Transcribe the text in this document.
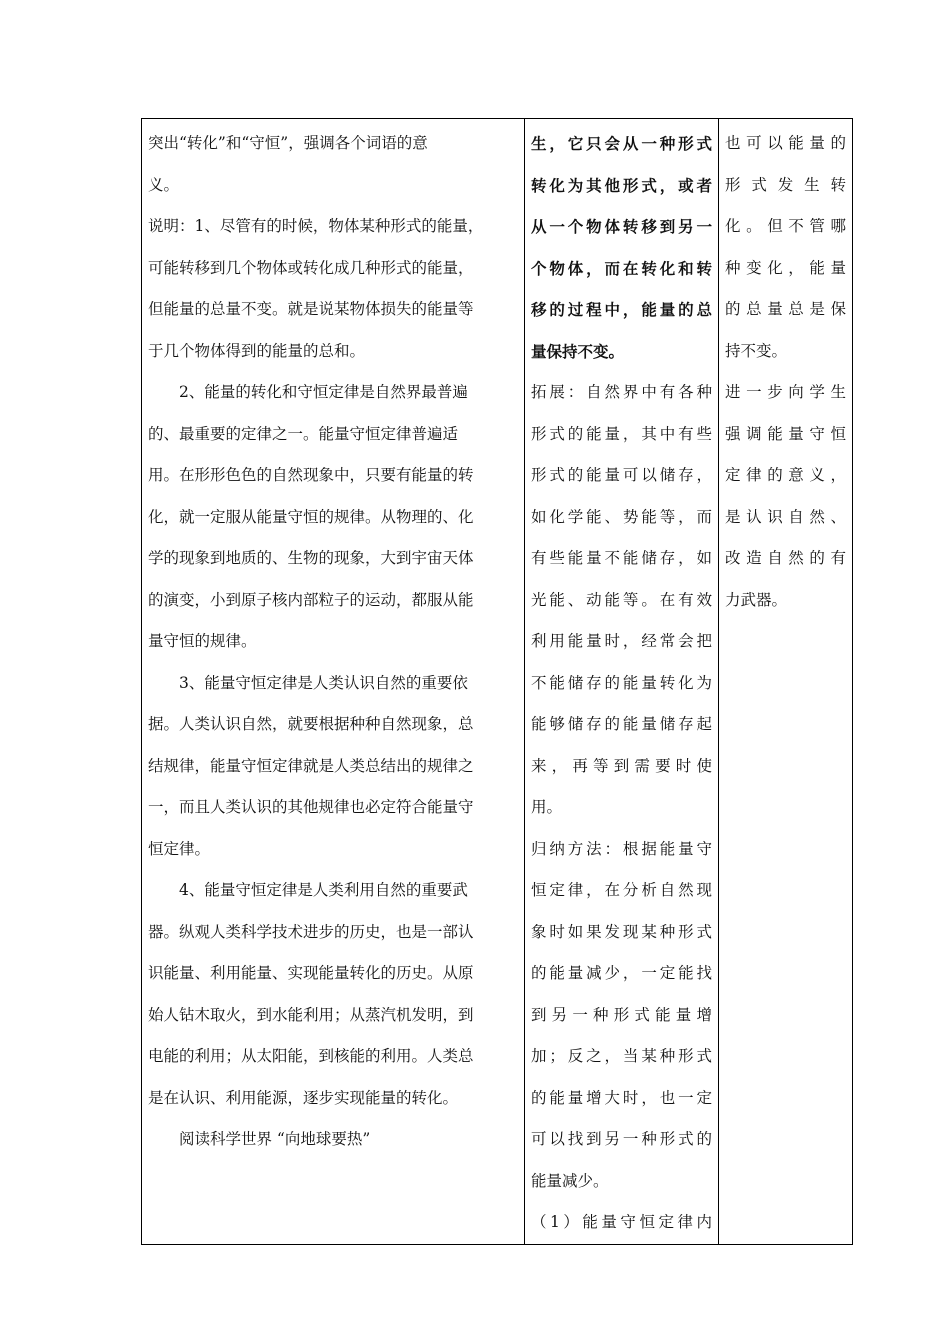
突出“转化”和“守恒”，强调各个词语的意
义。
说明：1、尽管有的时候，物体某种形式的能量，
可能转移到几个物体或转化成几种形式的能量，
但能量的总量不变。就是说某物体损失的能量等
于几个物体得到的能量的总和。
2、能量的转化和守恒定律是自然界最普遍
的、最重要的定律之一。能量守恒定律普遍适
用。在形形色色的自然现象中，只要有能量的转
化，就一定服从能量守恒的规律。从物理的、化
学的现象到地质的、生物的现象，大到宇宙天体
的演变，小到原子核内部粒子的运动，都服从能
量守恒的规律。
3、能量守恒定律是人类认识自然的重要依
据。人类认识自然，就要根据种种自然现象，总
结规律，能量守恒定律就是人类总结出的规律之
一，而且人类认识的其他规律也必定符合能量守
恒定律。
4、能量守恒定律是人类利用自然的重要武
器。纵观人类科学技术进步的历史，也是一部认
识能量、利用能量、实现能量转化的历史。从原
始人钻木取火，到水能利用；从蒸汽机发明，到
电能的利用；从太阳能，到核能的利用。人类总
是在认识、利用能源，逐步实现能量的转化。
阅读科学世界 “向地球要热”

生，它只会从一种形式
转化为其他形式，或者
从一个物体转移到另一
个物体，而在转化和转
移的过程中，能量的总
量保持不变。
拓展：自然界中有各种
形式的能量，其中有些
形式的能量可以储存，
如化学能、势能等，而
有些能量不能储存，如
光能、动能等。在有效
利用能量时，经常会把
不能储存的能量转化为
能够储存的能量储存起
来，再等到需要时使
用。
归纳方法：根据能量守
恒定律，在分析自然现
象时如果发现某种形式
的能量减少，一定能找
到另一种形式能量增
加；反之，当某种形式
的能量增大时，也一定
可以找到另一种形式的
能量减少。
（1）能量守恒定律内

也可以能量的
形式发生转
化。但不管哪
种变化，能量
的总量总是保
持不变。
进一步向学生
强调能量守恒
定律的意义，
是认识自然、
改造自然的有
力武器。
